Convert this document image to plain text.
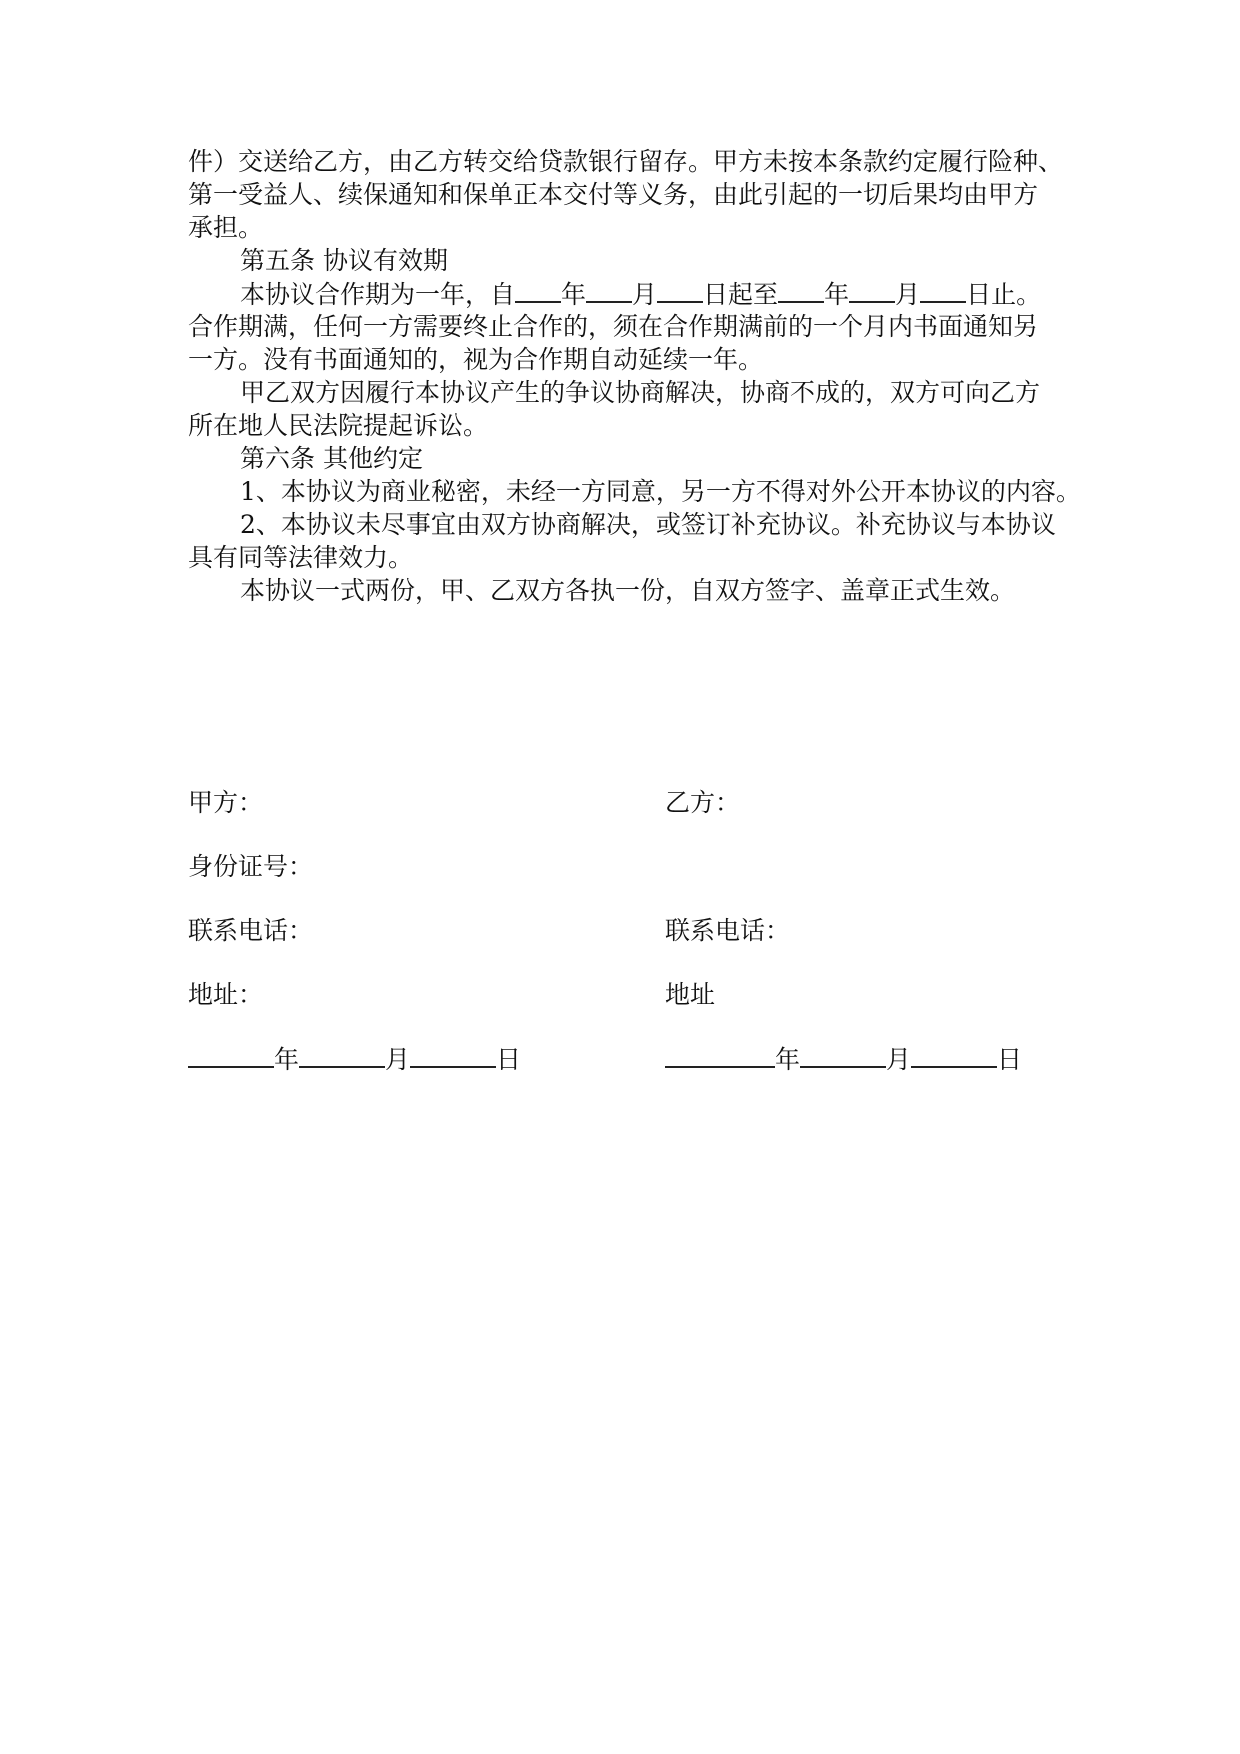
件）交送给乙方，由乙方转交给贷款银行留存。甲方未按本条款约定履行险种、
第一受益人、续保通知和保单正本交付等义务，由此引起的一切后果均由甲方
承担。
第五条 协议有效期
本协议合作期为一年，自 年 月 日起至 年 月 日止。
合作期满，任何一方需要终止合作的，须在合作期满前的一个月内书面通知另
一方。没有书面通知的，视为合作期自动延续一年。
甲乙双方因履行本协议产生的争议协商解决，协商不成的，双方可向乙方
所在地人民法院提起诉讼。
第六条 其他约定
1、本协议为商业秘密，未经一方同意，另一方不得对外公开本协议的内容。
2、本协议未尽事宜由双方协商解决，或签订补充协议。补充协议与本协议
具有同等法律效力。
本协议一式两份，甲、乙双方各执一份，自双方签字、盖章正式生效。
甲方：	乙方：
身份证号：
联系电话：	联系电话：
地址：	地址
年	月	日	年	月	日
